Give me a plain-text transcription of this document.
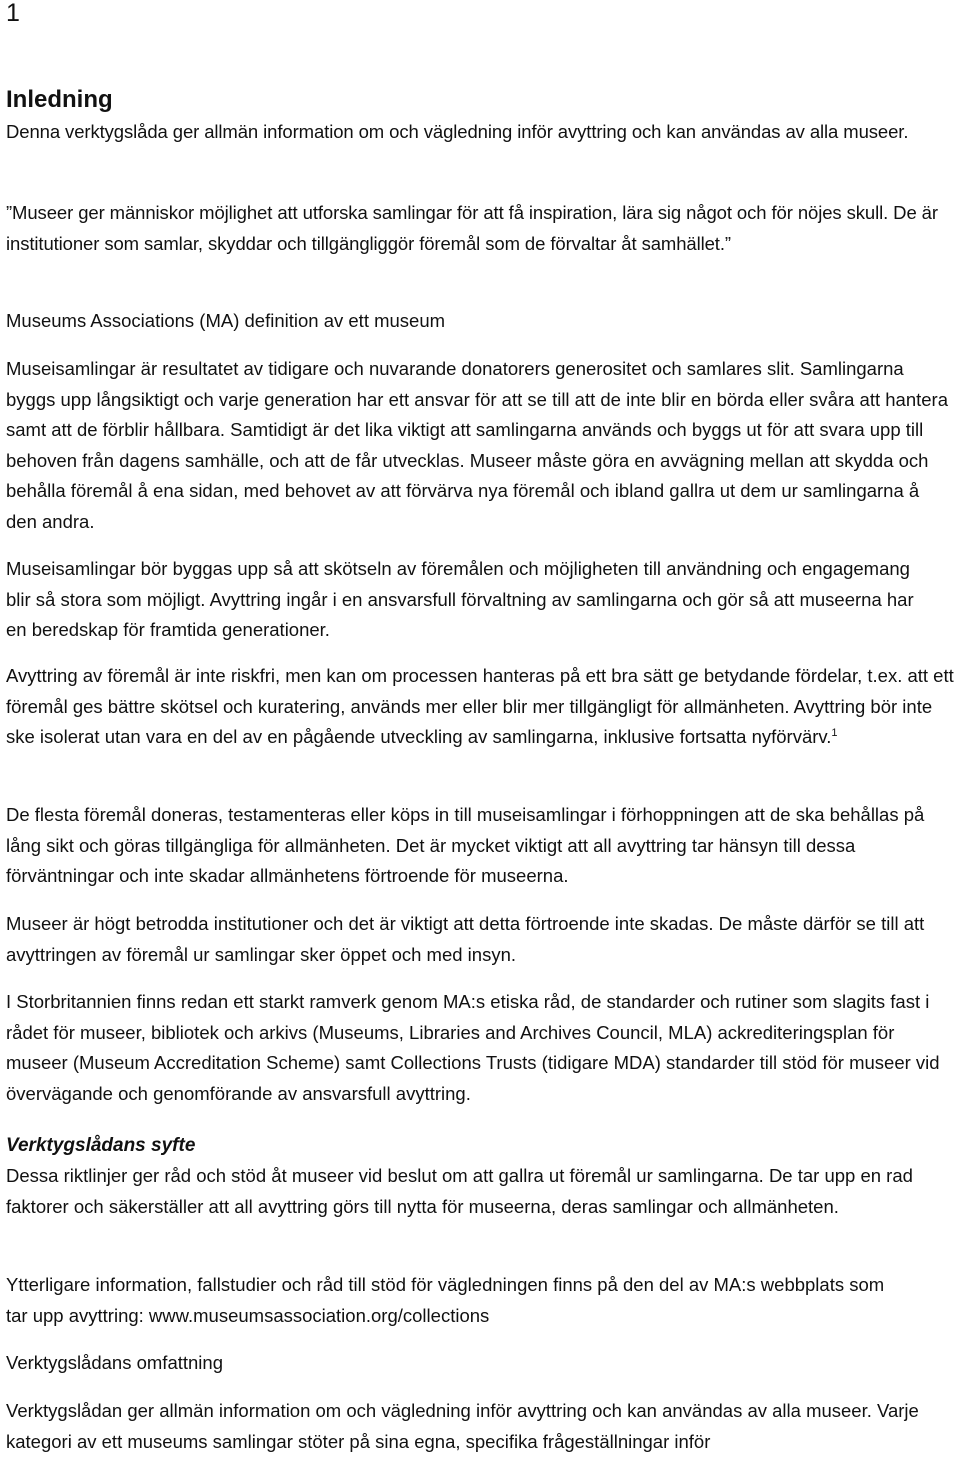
1
Inledning

Denna verktygslåda ger allmän information om och vägledning inför avyttring och kan användas av alla museer.

”Museer ger människor möjlighet att utforska samlingar för att få inspiration, lära sig något och för nöjes skull. De är institutioner som samlar, skyddar och tillgängliggör föremål som de förvaltar åt samhället.”

Museums Associations (MA) definition av ett museum

Museisamlingar är resultatet av tidigare och nuvarande donatorers generositet och samlares slit. Samlingarna byggs upp långsiktigt och varje generation har ett ansvar för att se till att de inte blir en börda eller svåra att hantera samt att de förblir hållbara. Samtidigt är det lika viktigt att samlingarna används och byggs ut för att svara upp till behoven från dagens samhälle, och att de får utvecklas. Museer måste göra en avvägning mellan att skydda och behålla föremål å ena sidan, med behovet av att förvärva nya föremål och ibland gallra ut dem ur samlingarna å den andra.

Museisamlingar bör byggas upp så att skötseln av föremålen och möjligheten till användning och engagemang blir så stora som möjligt. Avyttring ingår i en ansvarsfull förvaltning av samlingarna och gör så att museerna har en beredskap för framtida generationer.

Avyttring av föremål är inte riskfri, men kan om processen hanteras på ett bra sätt ge betydande fördelar, t.ex. att ett föremål ges bättre skötsel och kuratering, används mer eller blir mer tillgängligt för allmänheten. Avyttring bör inte ske isolerat utan vara en del av en pågående utveckling av samlingarna, inklusive fortsatta nyförvärv.$^1$

De flesta föremål doneras, testamenteras eller köps in till museisamlingar i förhoppningen att de ska behållas på lång sikt och göras tillgängliga för allmänheten. Det är mycket viktigt att all avyttring tar hänsyn till dessa förväntningar och inte skadar allmänhetens förtroende för museerna.

Museer är högt betrodda institutioner och det är viktigt att detta förtroende inte skadas. De måste därför se till att avyttringen av föremål ur samlingar sker öppet och med insyn.

I Storbritannien finns redan ett starkt ramverk genom MA:s etiska råd, de standarder och rutiner som slagits fast i rådet för museer, bibliotek och arkivs (Museums, Libraries and Archives Council, MLA) ackrediteringsplan för museer (Museum Accreditation Scheme) samt Collections Trusts (tidigare MDA) standarder till stöd för museer vid övervägande och genomförande av ansvarsfull avyttring.

Verktygslådans syfte

Dessa riktlinjer ger råd och stöd åt museer vid beslut om att gallra ut föremål ur samlingarna. De tar upp en rad faktorer och säkerställer att all avyttring görs till nytta för museerna, deras samlingar och allmänheten.

Ytterligare information, fallstudier och råd till stöd för vägledningen finns på den del av MA:s webbplats som tar upp avyttring: www.museumsassociation.org/collections

Verktygslådans omfattning

Verktygslådan ger allmän information om och vägledning inför avyttring och kan användas av alla museer. Varje kategori av ett museums samlingar stöter på sina egna, specifika frågeställningar inför
